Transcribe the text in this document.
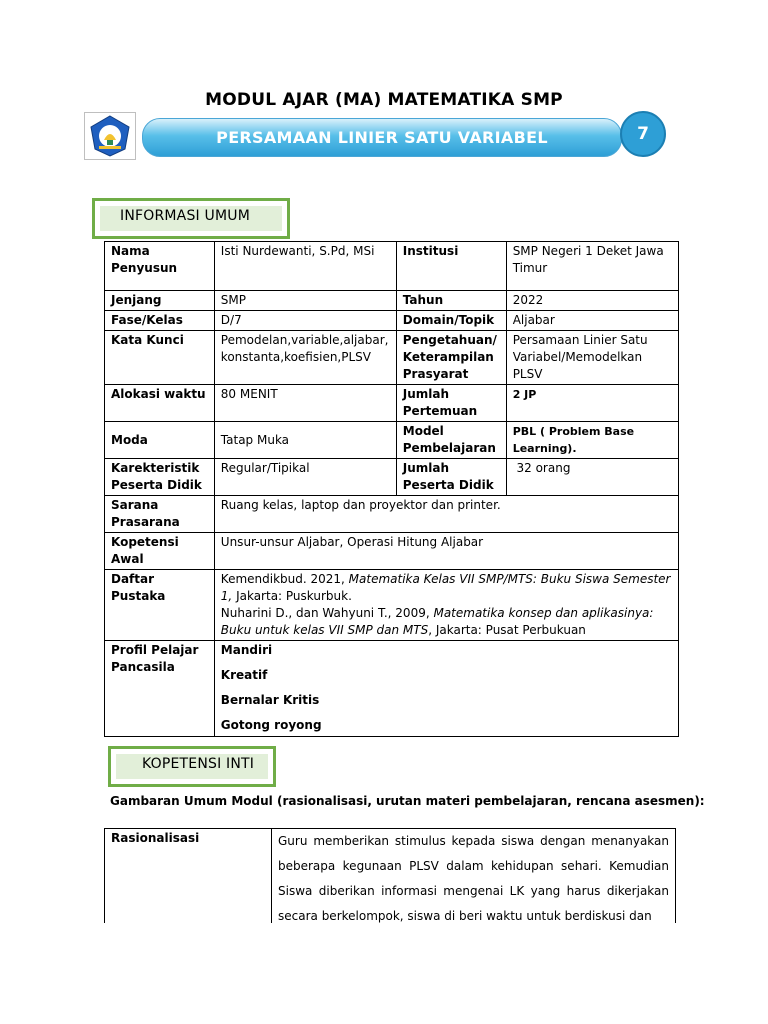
MODUL AJAR (MA) MATEMATIKA SMP
PERSAMAAN LINIER SATU VARIABEL	7
INFORMASI UMUM
Nama Penyusun	Isti Nurdewanti, S.Pd, MSi	Institusi	SMP Negeri 1 Deket Jawa Timur
Jenjang	SMP	Tahun	2022
Fase/Kelas	D/7	Domain/Topik	Aljabar
Kata Kunci	Pemodelan,variable,aljabar, konstanta,koefisien,PLSV	Pengetahuan/ Keterampilan Prasyarat	Persamaan Linier Satu Variabel/Memodelkan PLSV
Alokasi waktu	80 MENIT	Jumlah Pertemuan	2 JP
Moda	Tatap Muka	Model Pembelajaran	PBL ( Problem Base Learning).
Karekteristik Peserta Didik	Regular/Tipikal	Jumlah Peserta Didik	32 orang
Sarana Prasarana	Ruang kelas, laptop dan proyektor dan printer.		
Kopetensi Awal	Unsur-unsur Aljabar, Operasi Hitung Aljabar		
Daftar Pustaka	Kemendikbud. 2021, Matematika Kelas VII SMP/MTS: Buku Siswa Semester 1, Jakarta: Puskurbuk.
Nuharini D., dan Wahyuni T., 2009, Matematika konsep dan aplikasinya: Buku untuk kelas VII SMP dan MTS, Jakarta: Pusat Perbukuan		
Profil Pelajar Pancasila	Mandiri

Kreatif

Bernalar Kritis

Gotong royong		

KOPETENSI INTI
Gambaran Umum Modul (rasionalisasi, urutan materi pembelajaran, rencana asesmen):
Rasionalisasi	Guru memberikan stimulus kepada siswa dengan menanyakan beberapa kegunaan PLSV dalam kehidupan sehari. Kemudian Siswa diberikan informasi mengenai LK yang harus dikerjakan secara berkelompok, siswa di beri waktu untuk berdiskusi dan
